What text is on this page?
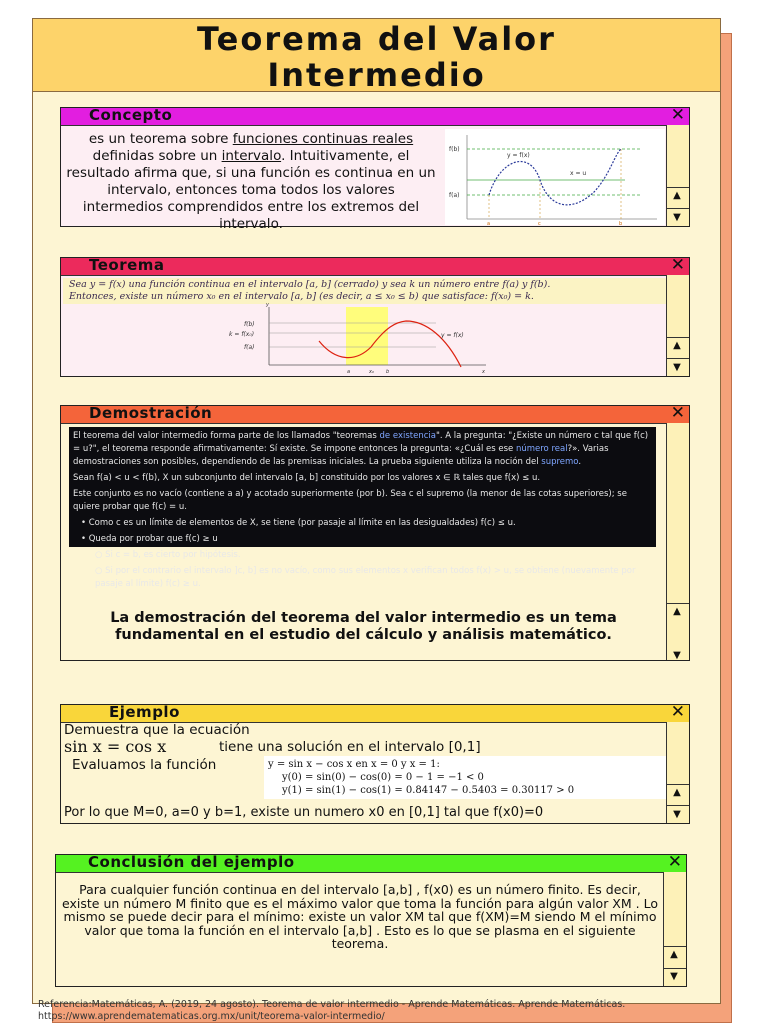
Teorema del Valor
Intermedio
Concepto	✕
es un teorema sobre funciones continuas reales definidas sobre un intervalo. Intuitivamente, el resultado afirma que, si una función es continua en un intervalo, entonces toma todos los valores intermedios comprendidos entre los extremos del intervalo.
f(b)
f(a)
y = f(x)
x = u
a	c	b
▲
▼
Teorema	✕
Sea y = f(x) una función continua en el intervalo [a, b] (cerrado) y sea k un número entre f(a) y f(b).
Entonces, existe un número x₀ en el intervalo [a, b] (es decir, a ≤ x₀ ≤ b) que satisface: f(x₀) = k.
f(b)
k = f(x₀)
f(a)
y = f(x)
y
a	x₀ b	x
▲
▼
Demostración	✕

El teorema del valor intermedio forma parte de los llamados "teoremas de existencia". A la pregunta: "¿Existe un número c tal que f(c) = u?", el teorema responde afirmativamente: Sí existe. Se impone entonces la pregunta: «¿Cuál es ese número real?». Varias demostraciones son posibles, dependiendo de las premisas iniciales. La prueba siguiente utiliza la noción del supremo.

Sean f(a) < u < f(b), X un subconjunto del intervalo [a, b] constituido por los valores x ∈ ℝ tales que f(x) ≤ u.

Este conjunto es no vacío (contiene a a) y acotado superiormente (por b). Sea c el supremo (la menor de las cotas superiores); se quiere probar que f(c) = u.

• Como c es un límite de elementos de X, se tiene (por pasaje al límite en las desigualdades) f(c) ≤ u.

• Queda por probar que f(c) ≥ u

○ Si c = b, es cierto por hipótesis.

○ Si por el contrario el intervalo ]c, b] es no vacío, como sus elementos x verifican todos f(x) > u, se obtiene (nuevamente por pasaje al límite) f(c) ≥ u.

La demostración del teorema del valor intermedio es un tema fundamental en el estudio del cálculo y análisis matemático.
▲
▼
Ejemplo	✕
Demuestra que la ecuación
sin x = cos x	tiene una solución en el intervalo [0,1]
Evaluamos la función	y = sin x − cos x en x = 0 y x = 1:
y(0) = sin(0) − cos(0) = 0 − 1 = −1 < 0
y(1) = sin(1) − cos(1) = 0.84147 − 0.5403 = 0.30117 > 0
Por lo que M=0, a=0 y b=1, existe un numero x0 en [0,1] tal que f(x0)=0
▲
▼
Conclusión del ejemplo	✕
Para cualquier función continua en del intervalo [a,b] , f(x0) es un número finito. Es decir, existe un número M finito que es el máximo valor que toma la función para algún valor XM . Lo mismo se puede decir para el mínimo: existe un valor XM tal que f(XM)=M siendo M el mínimo valor que toma la función en el intervalo [a,b] . Esto es lo que se plasma en el siguiente teorema.
▲
▼
Referencia:Matemáticas, A. (2019, 24 agosto). Teorema de valor intermedio - Aprende Matemáticas. Aprende Matemáticas. https://www.aprendematematicas.org.mx/unit/teorema-valor-intermedio/
